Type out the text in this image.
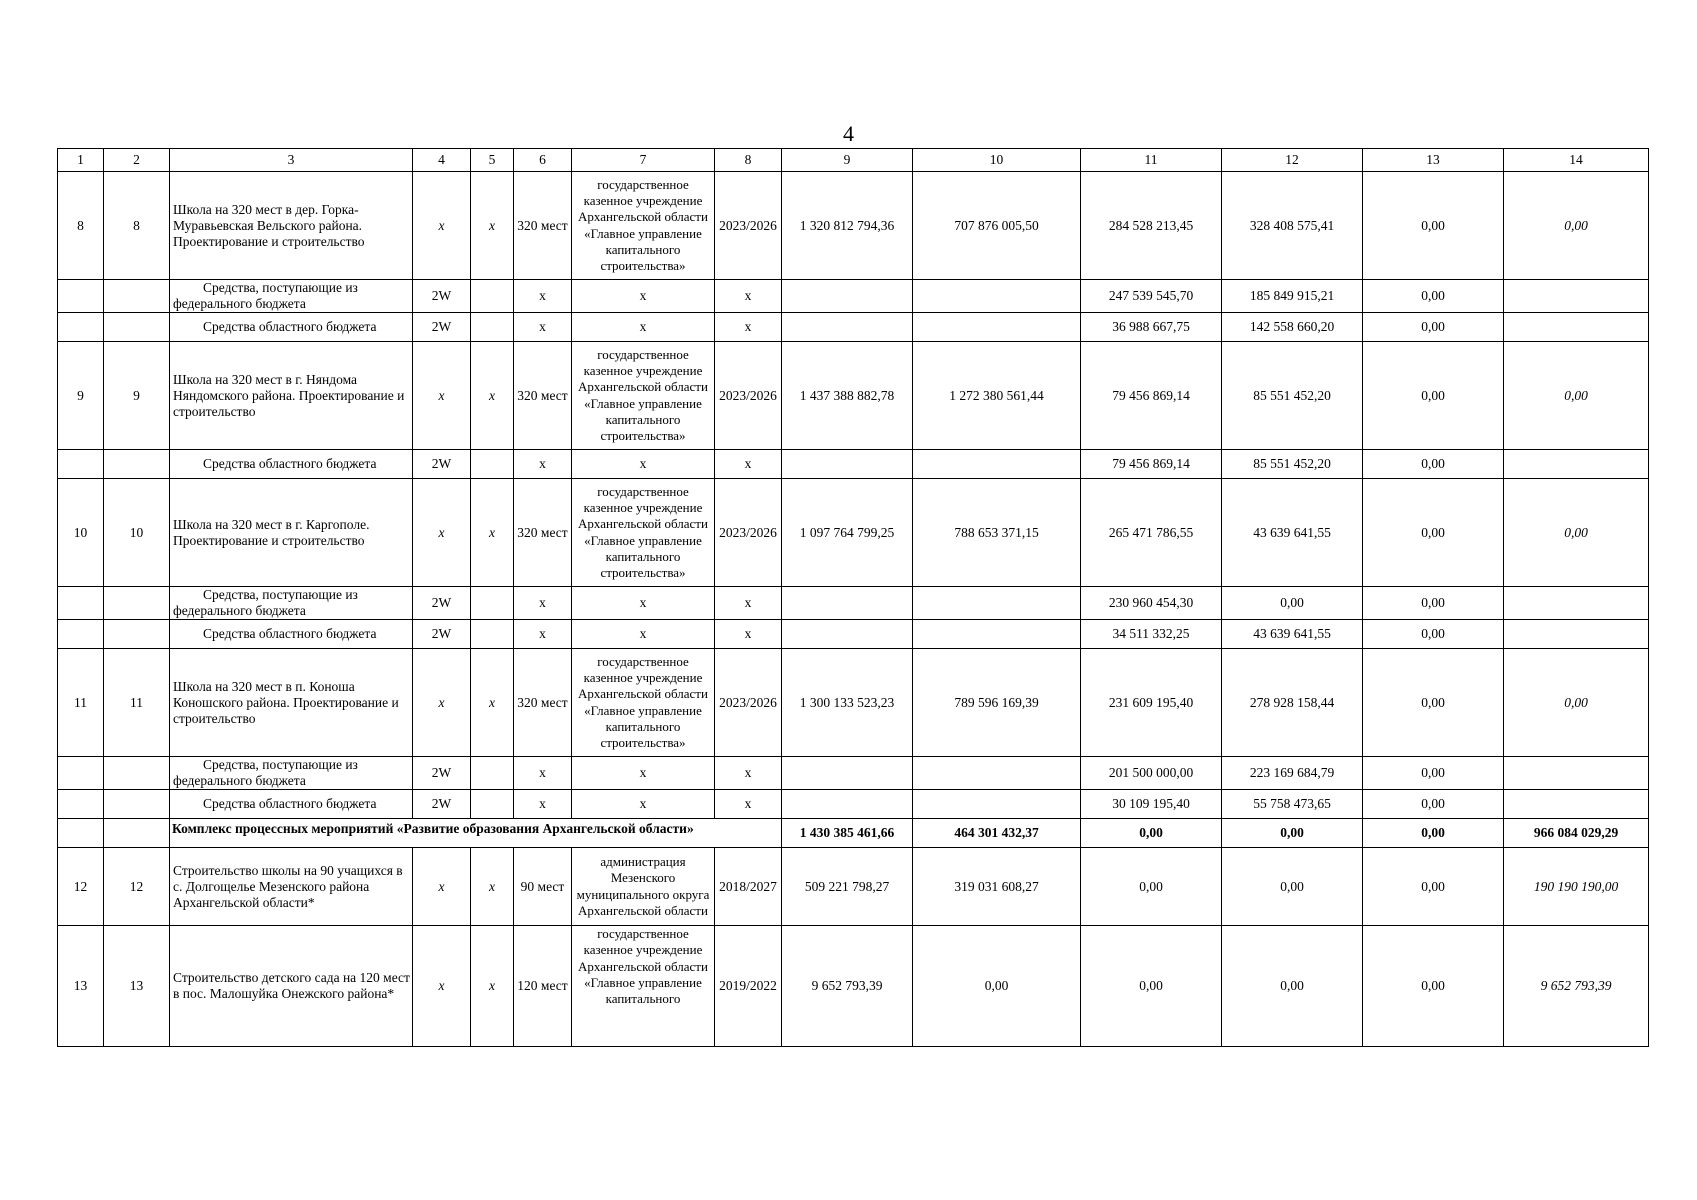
4
1	2	3	4	5	6	7	8	9	10	11	12	13	14
8	8	Школа на 320 мест в дер. Горка-Муравьевская Вельского района. Проектирование и строительство	х	х	320 мест	государственное казенное учреждение Архангельской области «Главное управление капитального строительства»	2023/2026	1 320 812 794,36	707 876 005,50	284 528 213,45	328 408 575,41	0,00	0,00

		Средства, поступающие из федерального бюджета	2W		х	х	х			247 539 545,70	185 849 915,21	0,00	

		Средства областного бюджета	2W		х	х	х			36 988 667,75	142 558 660,20	0,00	
9	9	Школа на 320 мест в г. Няндома Няндомского района. Проектирование и строительство	х	х	320 мест	государственное казенное учреждение Архангельской области «Главное управление капитального строительства»	2023/2026	1 437 388 882,78	1 272 380 561,44	79 456 869,14	85 551 452,20	0,00	0,00

		Средства областного бюджета	2W		х	х	х			79 456 869,14	85 551 452,20	0,00	
10	10	Школа на 320 мест в г. Каргополе. Проектирование и строительство	х	х	320 мест	государственное казенное учреждение Архангельской области «Главное управление капитального строительства»	2023/2026	1 097 764 799,25	788 653 371,15	265 471 786,55	43 639 641,55	0,00	0,00

		Средства, поступающие из федерального бюджета	2W		х	х	х			230 960 454,30	0,00	0,00	

		Средства областного бюджета	2W		х	х	х			34 511 332,25	43 639 641,55	0,00	
11	11	Школа на 320 мест в п. Коноша Коношского района. Проектирование и строительство	х	х	320 мест	государственное казенное учреждение Архангельской области «Главное управление капитального строительства»	2023/2026	1 300 133 523,23	789 596 169,39	231 609 195,40	278 928 158,44	0,00	0,00

		Средства, поступающие из федерального бюджета	2W		х	х	х			201 500 000,00	223 169 684,79	0,00	

		Средства областного бюджета	2W		х	х	х			30 109 195,40	55 758 473,65	0,00	
		Комплекс процессных мероприятий «Развитие образования Архангельской области»						1 430 385 461,66	464 301 432,37	0,00	0,00	0,00	966 084 029,29
12	12	Строительство школы на 90 учащихся в с. Долгощелье Мезенского района Архангельской области*	х	х	90 мест	администрация Мезенского муниципального округа Архангельской области	2018/2027	509 221 798,27	319 031 608,27	0,00	0,00	0,00	190 190 190,00
13	13	Строительство детского сада на 120 мест в пос. Малошуйка Онежского района*	х	х	120 мест	государственное казенное учреждение Архангельской области «Главное управление капитального	2019/2022	9 652 793,39	0,00	0,00	0,00	0,00	9 652 793,39
